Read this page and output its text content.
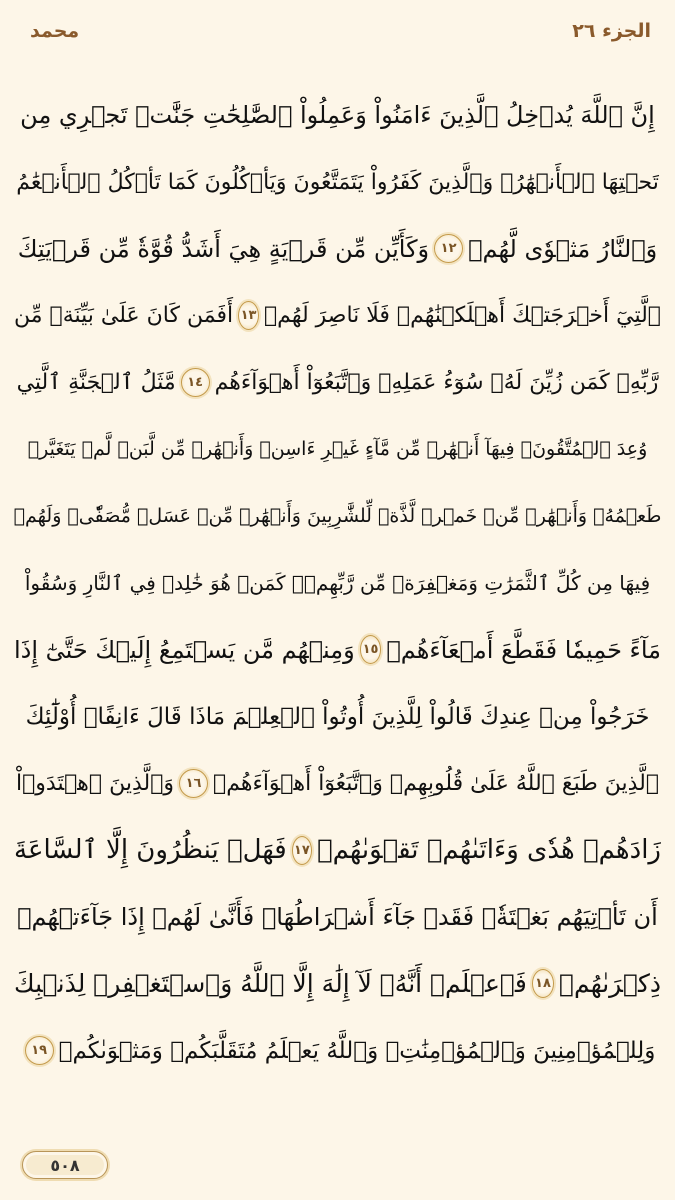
الجزء ٢٦
محمد
إِنَّ ٱللَّهَ يُدۡخِلُ ٱلَّذِينَ ءَامَنُواْ وَعَمِلُواْ ٱلصَّٰلِحَٰتِ جَنَّٰتٖ تَجۡرِي مِن
تَحۡتِهَا ٱلۡأَنۡهَٰرُۖ وَٱلَّذِينَ كَفَرُواْ يَتَمَتَّعُونَ وَيَأۡكُلُونَ كَمَا تَأۡكُلُ ٱلۡأَنۡعَٰمُ
وَٱلنَّارُ مَثۡوٗى لَّهُمۡ
١٢
وَكَأَيِّن مِّن قَرۡيَةٍ هِيَ أَشَدُّ قُوَّةٗ مِّن قَرۡيَتِكَ
ٱلَّتِيٓ أَخۡرَجَتۡكَ أَهۡلَكۡنَٰهُمۡ فَلَا نَاصِرَ لَهُمۡ
١٣
أَفَمَن كَانَ عَلَىٰ بَيِّنَةٖ مِّن
رَّبِّهِۦ كَمَن زُيِّنَ لَهُۥ سُوٓءُ عَمَلِهِۦ وَٱتَّبَعُوٓاْ أَهۡوَآءَهُم
١٤
مَّثَلُ ٱلۡجَنَّةِ ٱلَّتِي
وُعِدَ ٱلۡمُتَّقُونَۖ فِيهَآ أَنۡهَٰرٞ مِّن مَّآءٍ غَيۡرِ ءَاسِنٖ وَأَنۡهَٰرٞ مِّن لَّبَنٖ لَّمۡ يَتَغَيَّرۡ
طَعۡمُهُۥ وَأَنۡهَٰرٞ مِّنۡ خَمۡرٖ لَّذَّةٖ لِّلشَّٰرِبِينَ وَأَنۡهَٰرٞ مِّنۡ عَسَلٖ مُّصَفّٗىۖ وَلَهُمۡ
فِيهَا مِن كُلِّ ٱلثَّمَرَٰتِ وَمَغۡفِرَةٞ مِّن رَّبِّهِمۡۖ كَمَنۡ هُوَ خَٰلِدٞ فِي ٱلنَّارِ وَسُقُواْ
مَآءً حَمِيمٗا فَقَطَّعَ أَمۡعَآءَهُمۡ
١٥
وَمِنۡهُم مَّن يَسۡتَمِعُ إِلَيۡكَ حَتَّىٰٓ إِذَا
خَرَجُواْ مِنۡ عِندِكَ قَالُواْ لِلَّذِينَ أُوتُواْ ٱلۡعِلۡمَ مَاذَا قَالَ ءَانِفًاۚ أُوْلَٰٓئِكَ
ٱلَّذِينَ طَبَعَ ٱللَّهُ عَلَىٰ قُلُوبِهِمۡ وَٱتَّبَعُوٓاْ أَهۡوَآءَهُمۡ
١٦
وَٱلَّذِينَ ٱهۡتَدَوۡاْ
زَادَهُمۡ هُدٗى وَءَاتَىٰهُمۡ تَقۡوَىٰهُمۡ
١٧
فَهَلۡ يَنظُرُونَ إِلَّا ٱلسَّاعَةَ
أَن تَأۡتِيَهُم بَغۡتَةٗۖ فَقَدۡ جَآءَ أَشۡرَاطُهَاۚ فَأَنَّىٰ لَهُمۡ إِذَا جَآءَتۡهُمۡ
ذِكۡرَىٰهُمۡ
١٨
فَٱعۡلَمۡ أَنَّهُۥ لَآ إِلَٰهَ إِلَّا ٱللَّهُ وَٱسۡتَغۡفِرۡ لِذَنۢبِكَ
وَلِلۡمُؤۡمِنِينَ وَٱلۡمُؤۡمِنَٰتِۗ وَٱللَّهُ يَعۡلَمُ مُتَقَلَّبَكُمۡ وَمَثۡوَىٰكُمۡ
١٩
٥٠٨
